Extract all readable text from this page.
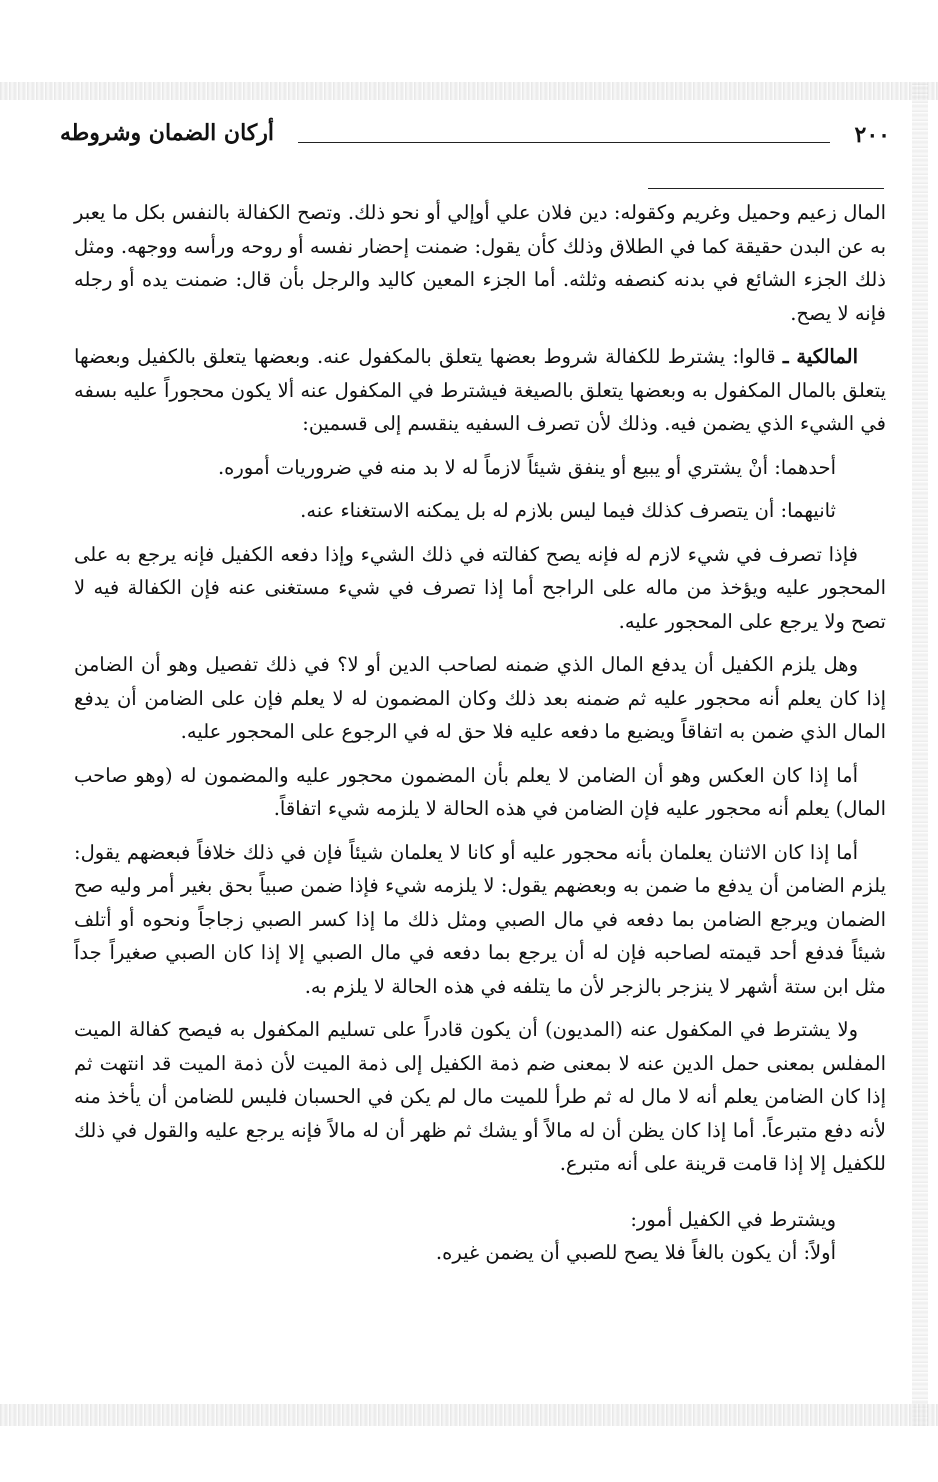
٢٠٠
أركان الضمان وشروطه

المال زعيم وحميل وغريم وكقوله: دين فلان علي أوإلي أو نحو ذلك. وتصح الكفالة بالنفس بكل ما يعبر به عن البدن حقيقة كما في الطلاق وذلك كأن يقول: ضمنت إحضار نفسه أو روحه ورأسه ووجهه. ومثل ذلك الجزء الشائع في بدنه كنصفه وثلثه. أما الجزء المعين كاليد والرجل بأن قال: ضمنت يده أو رجله فإنه لا يصح.

المالكية ـ قالوا: يشترط للكفالة شروط بعضها يتعلق بالمكفول عنه. وبعضها يتعلق بالكفيل وبعضها يتعلق بالمال المكفول به وبعضها يتعلق بالصيغة فيشترط في المكفول عنه ألا يكون محجوراً عليه بسفه في الشيء الذي يضمن فيه. وذلك لأن تصرف السفيه ينقسم إلى قسمين:

أحدهما: أنْ يشتري أو يبيع أو ينفق شيئاً لازماً له لا بد منه في ضروريات أموره.

ثانيهما: أن يتصرف كذلك فيما ليس بلازم له بل يمكنه الاستغناء عنه.

فإذا تصرف في شيء لازم له فإنه يصح كفالته في ذلك الشيء وإذا دفعه الكفيل فإنه يرجع به على المحجور عليه ويؤخذ من ماله على الراجح أما إذا تصرف في شيء مستغنى عنه فإن الكفالة فيه لا تصح ولا يرجع على المحجور عليه.

وهل يلزم الكفيل أن يدفع المال الذي ضمنه لصاحب الدين أو لا؟ في ذلك تفصيل وهو أن الضامن إذا كان يعلم أنه محجور عليه ثم ضمنه بعد ذلك وكان المضمون له لا يعلم فإن على الضامن أن يدفع المال الذي ضمن به اتفاقاً ويضيع ما دفعه عليه فلا حق له في الرجوع على المحجور عليه.

أما إذا كان العكس وهو أن الضامن لا يعلم بأن المضمون محجور عليه والمضمون له (وهو صاحب المال) يعلم أنه محجور عليه فإن الضامن في هذه الحالة لا يلزمه شيء اتفاقاً.

أما إذا كان الاثنان يعلمان بأنه محجور عليه أو كانا لا يعلمان شيئاً فإن في ذلك خلافاً فبعضهم يقول: يلزم الضامن أن يدفع ما ضمن به وبعضهم يقول: لا يلزمه شيء فإذا ضمن صبياً بحق بغير أمر وليه صح الضمان ويرجع الضامن بما دفعه في مال الصبي ومثل ذلك ما إذا كسر الصبي زجاجاً ونحوه أو أتلف شيئاً فدفع أحد قيمته لصاحبه فإن له أن يرجع بما دفعه في مال الصبي إلا إذا كان الصبي صغيراً جداً مثل ابن ستة أشهر لا ينزجر بالزجر لأن ما يتلفه في هذه الحالة لا يلزم به.

ولا يشترط في المكفول عنه (المديون) أن يكون قادراً على تسليم المكفول به فيصح كفالة الميت المفلس بمعنى حمل الدين عنه لا بمعنى ضم ذمة الكفيل إلى ذمة الميت لأن ذمة الميت قد انتهت ثم إذا كان الضامن يعلم أنه لا مال له ثم طرأ للميت مال لم يكن في الحسبان فليس للضامن أن يأخذ منه لأنه دفع متبرعاً. أما إذا كان يظن أن له مالاً أو يشك ثم ظهر أن له مالاً فإنه يرجع عليه والقول في ذلك للكفيل إلا إذا قامت قرينة على أنه متبرع.

ويشترط في الكفيل أمور:

أولاً: أن يكون بالغاً فلا يصح للصبي أن يضمن غيره.
